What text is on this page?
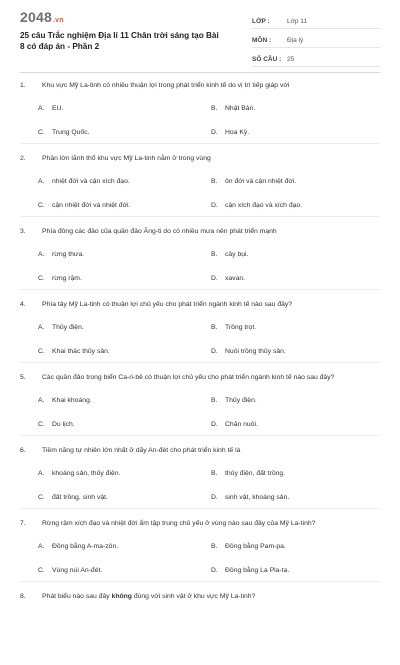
2048.vn
25 câu Trắc nghiệm Địa lí 11 Chân trời sáng tạo Bài 8 có đáp án - Phần 2
LỚP :	Lớp 11
MÔN :	Địa lý
SỐ CÂU : 25
1.	Khu vực Mỹ La-tinh có nhiều thuận lợi trong phát triển kinh tế do vị trí tiếp giáp với
A. EU.	B. Nhật Bản.
C. Trung Quốc.	D. Hoa Kỳ.
2.	Phần lớn lãnh thổ khu vực Mỹ La-tinh nằm ở trong vùng
A. nhiệt đới và cận xích đạo.	B. ôn đới và cận nhiệt đới.
C. cận nhiệt đới và nhiệt đới.	D. cận xích đạo và xích đạo.
3.	Phía đông các đảo của quần đảo Ăng-ti do có nhiều mưa nên phát triển mạnh
A. rừng thưa.	B. cây bụi.
C. rừng rậm.	D. xavan.
4.	Phía tây Mỹ La-tinh có thuận lợi chủ yếu cho phát triển ngành kinh tế nào sau đây?
A. Thủy điện.	B. Trồng trọt.
C. Khai thác thủy sản.	D. Nuôi trồng thủy sản.
5.	Các quần đảo trong biển Ca-ri-bê có thuận lợi chủ yếu cho phát triển ngành kinh tế nào sau đây?
A. Khai khoáng.	B. Thủy điện.
C. Du lịch.	D. Chăn nuôi.
6.	Tiềm năng tự nhiên lớn nhất ở dãy An-đét cho phát triển kinh tế là
A. khoáng sản, thủy điện.	B. thủy điện, đất trồng.
C. đất trồng, sinh vật.	D. sinh vật, khoáng sản.
7.	Rừng rậm xích đạo và nhiệt đới ẩm tập trung chủ yếu ở vùng nào sau đây của Mỹ La-tinh?
A. Đồng bằng A-ma-zôn.	B. Đồng bằng Pam-pa.
C. Vùng núi An-đét.	D. Đồng bằng La Pla-ta.
8.	Phát biểu nào sau đây không đúng với sinh vật ở khu vực Mỹ La-tinh?
